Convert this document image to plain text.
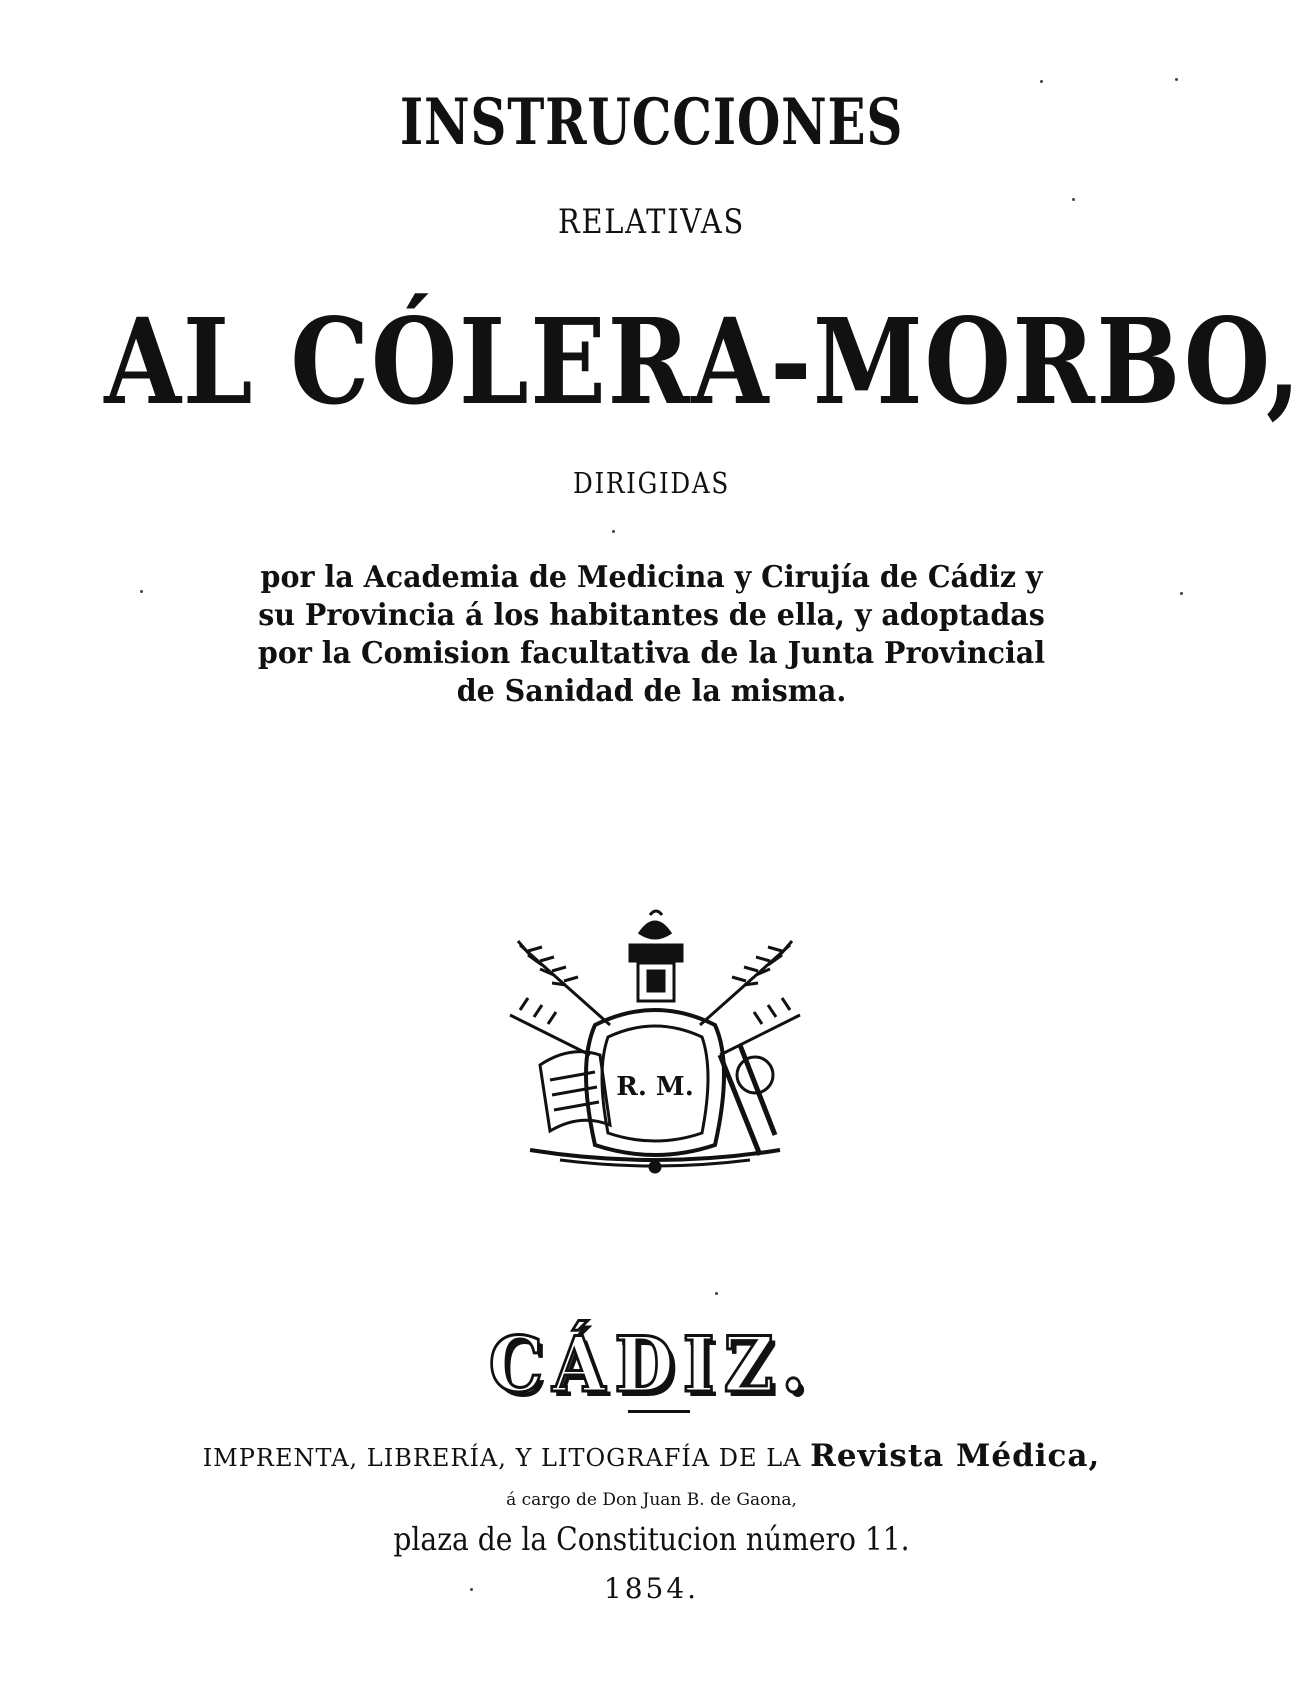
INSTRUCCIONES
RELATIVAS
AL CÓLERA-MORBO,
DIRIGIDAS
por la Academia de Medicina y Cirujía de Cádiz y
su Provincia á los habitantes de ella, y adoptadas
por la Comision facultativa de la Junta Provincial
de Sanidad de la misma.
R. M.
CÁDIZ.
IMPRENTA, LIBRERÍA, Y LITOGRAFÍA DE LA Revista Médica,
á cargo de Don Juan B. de Gaona,
plaza de la Constitucion número 11.
1854.
